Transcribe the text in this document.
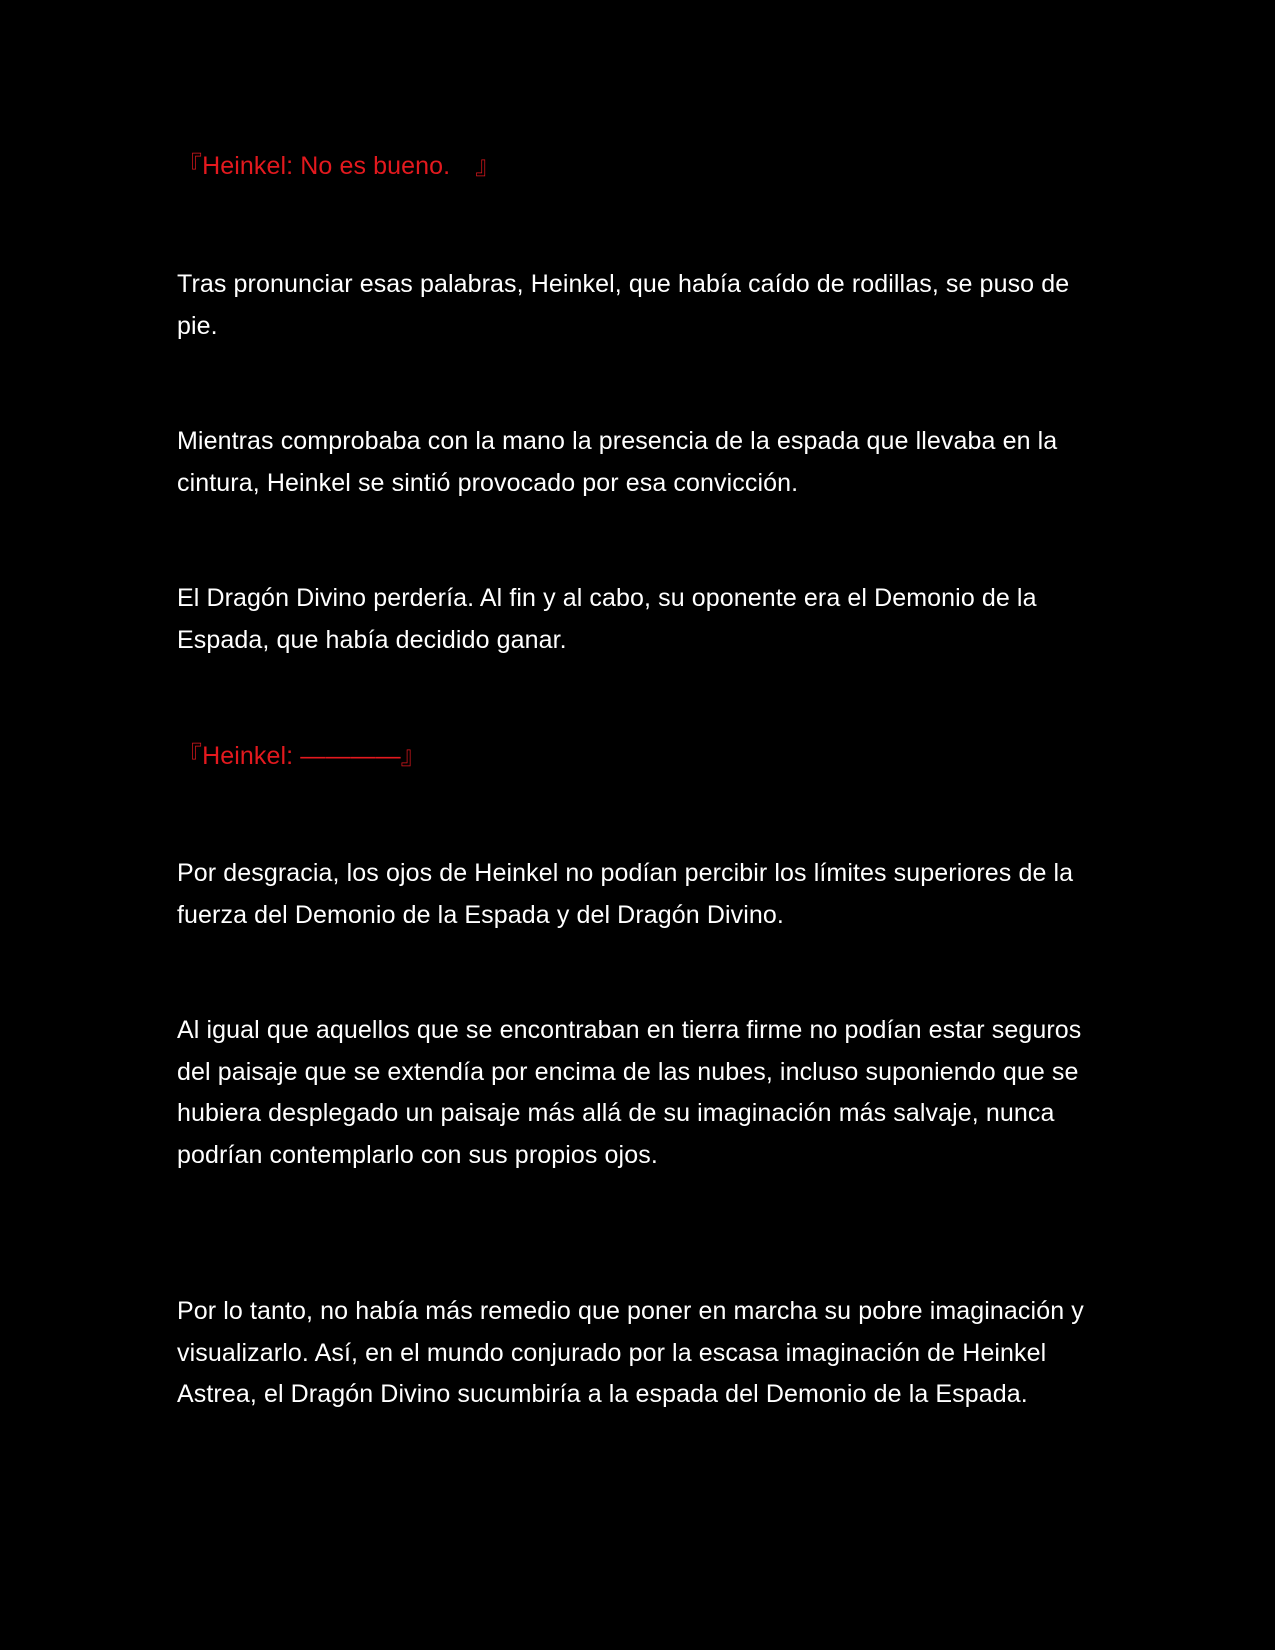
『Heinkel: No es bueno.　』

Tras pronunciar esas palabras, Heinkel, que había caído de rodillas, se puso de pie.

Mientras comprobaba con la mano la presencia de la espada que llevaba en la cintura, Heinkel se sintió provocado por esa convicción.

El Dragón Divino perdería. Al fin y al cabo, su oponente era el Demonio de la Espada, que había decidido ganar.

『Heinkel: ————』

Por desgracia, los ojos de Heinkel no podían percibir los límites superiores de la fuerza del Demonio de la Espada y del Dragón Divino.

Al igual que aquellos que se encontraban en tierra firme no podían estar seguros del paisaje que se extendía por encima de las nubes, incluso suponiendo que se hubiera desplegado un paisaje más allá de su imaginación más salvaje, nunca podrían contemplarlo con sus propios ojos.

Por lo tanto, no había más remedio que poner en marcha su pobre imaginación y visualizarlo. Así, en el mundo conjurado por la escasa imaginación de Heinkel Astrea, el Dragón Divino sucumbiría a la espada del Demonio de la Espada.
